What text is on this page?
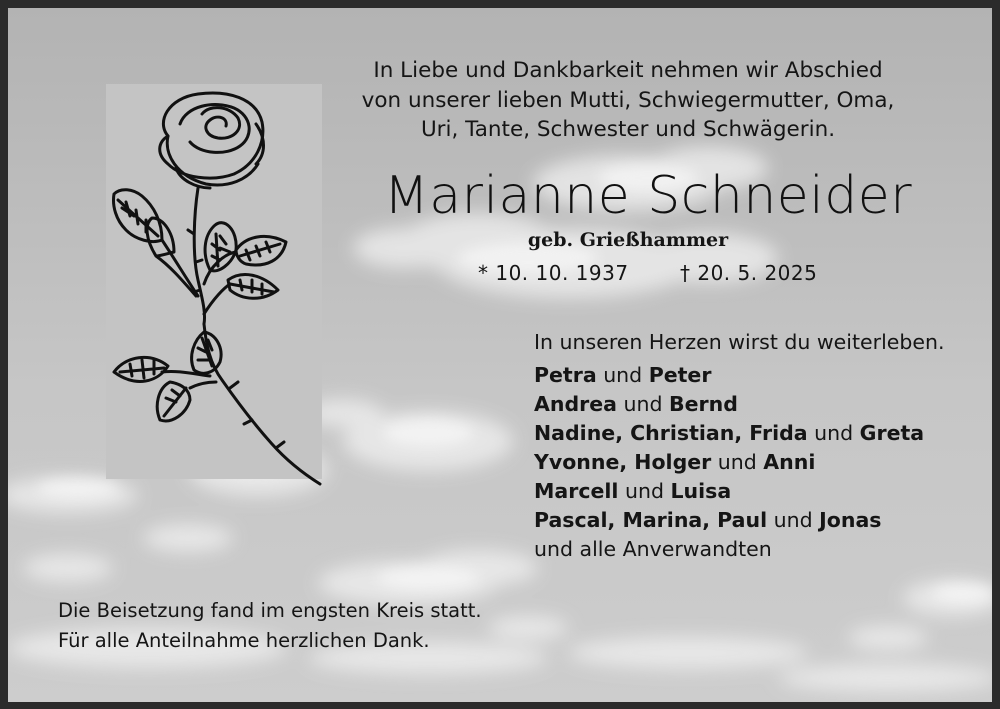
In Liebe und Dankbarkeit nehmen wir Abschied
von unserer lieben Mutti, Schwiegermutter, Oma,
Uri, Tante, Schwester und Schwägerin.
Marianne Schneider
geb. Grießhammer
* 10. 10. 1937	† 20. 5. 2025
In unseren Herzen wirst du weiterleben.
Petra und Peter
Andrea und Bernd
Nadine, Christian, Frida und Greta
Yvonne, Holger und Anni
Marcell und Luisa
Pascal, Marina, Paul und Jonas
und alle Anverwandten
Die Beisetzung fand im engsten Kreis statt.
Für alle Anteilnahme herzlichen Dank.
